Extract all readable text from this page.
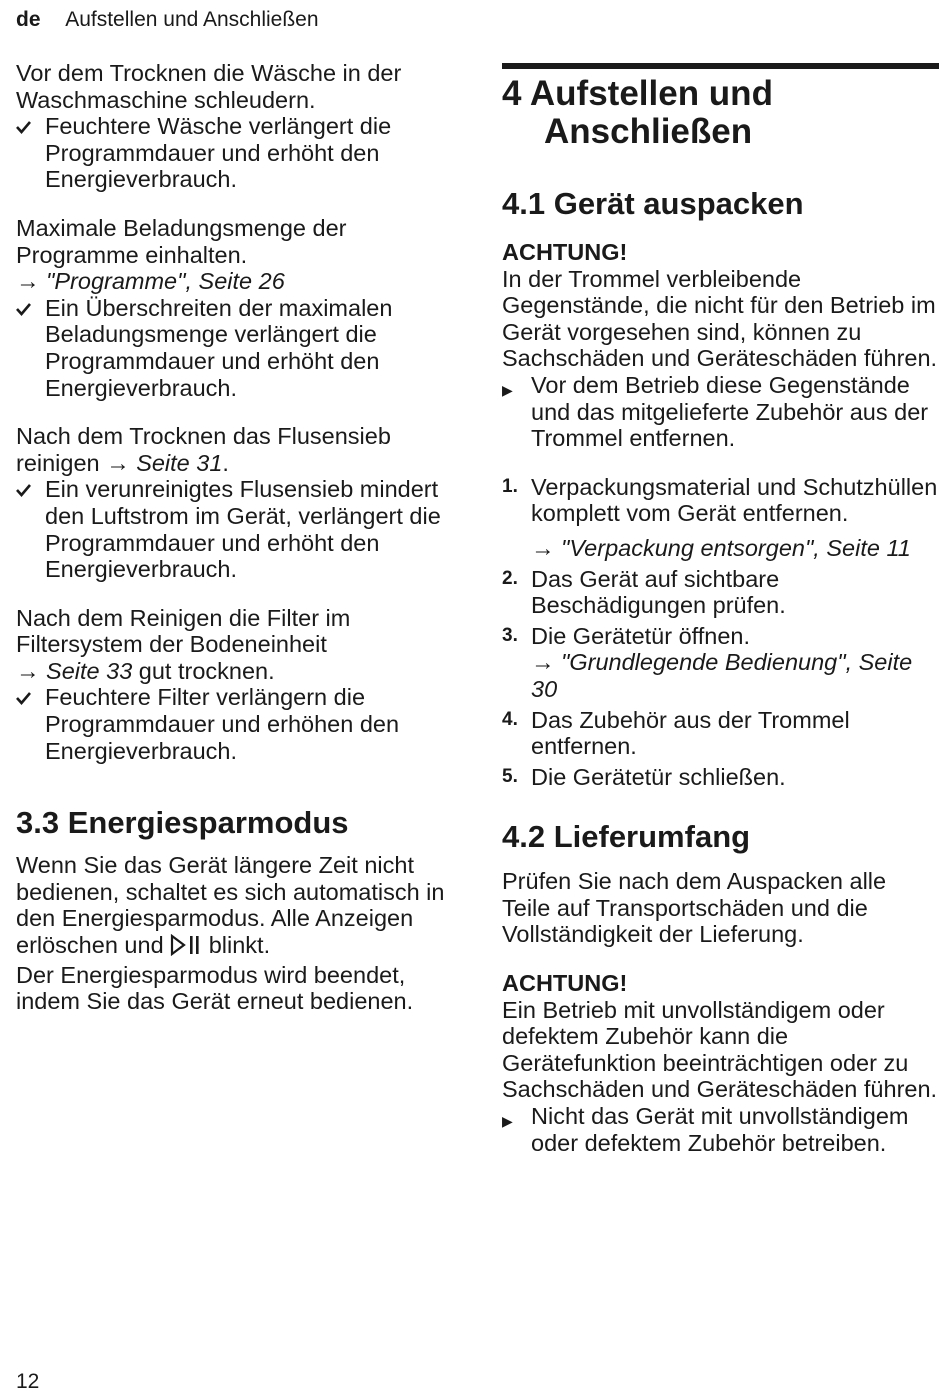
de Aufstellen und Anschließen

Vor dem Trocknen die Wäsche in der Waschmaschine schleudern.

Feuchtere Wäsche verlängert die Programmdauer und erhöht den Energieverbrauch.

Maximale Beladungsmenge der Programme einhalten.

→ "Programme", Seite 26

Ein Überschreiten der maximalen Beladungsmenge verlängert die Programmdauer und erhöht den Energieverbrauch.

Nach dem Trocknen das Flusensieb reinigen → Seite 31.

Ein verunreinigtes Flusensieb mindert den Luftstrom im Gerät, verlängert die Programmdauer und erhöht den Energieverbrauch.

Nach dem Reinigen die Filter im Filtersystem der Bodeneinheit

→ Seite 33 gut trocknen.

Feuchtere Filter verlängern die Programmdauer und erhöhen den Energieverbrauch.
3.3 Energiesparmodus

Wenn Sie das Gerät längere Zeit nicht bedienen, schaltet es sich automatisch in den Energiesparmodus. Alle Anzeigen erlöschen und blinkt.

Der Energiesparmodus wird beendet, indem Sie das Gerät erneut bedienen.

4 Aufstellen und
Anschließen
4.1 Gerät auspacken
ACHTUNG!

In der Trommel verbleibende Gegenstände, die nicht für den Betrieb im Gerät vorgesehen sind, können zu Sachschäden und Geräteschäden führen.

▶ Vor dem Betrieb diese Gegenstände und das mitgelieferte Zubehör aus der Trommel entfernen.
1. Verpackungsmaterial und Schutzhüllen komplett vom Gerät entfernen.
→ "Verpackung entsorgen", Seite 11
2. Das Gerät auf sichtbare Beschädigungen prüfen.
3. Die Gerätetür öffnen.
→ "Grundlegende Bedienung", Seite 30
4. Das Zubehör aus der Trommel entfernen.
5. Die Gerätetür schließen.
4.2 Lieferumfang

Prüfen Sie nach dem Auspacken alle Teile auf Transportschäden und die Vollständigkeit der Lieferung.

ACHTUNG!

Ein Betrieb mit unvollständigem oder defektem Zubehör kann die Gerätefunktion beeinträchtigen oder zu Sachschäden und Geräteschäden führen.

▶ Nicht das Gerät mit unvollständigem oder defektem Zubehör betreiben.
12
